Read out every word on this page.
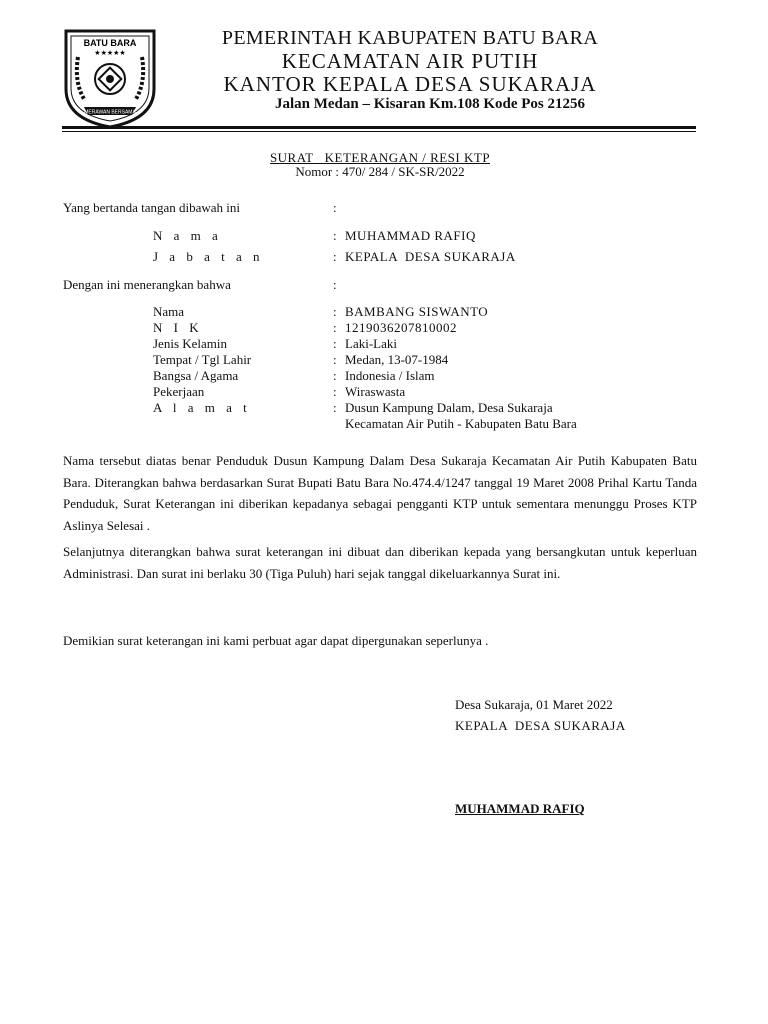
BATU BARA
★★★★★
MERAWAN BERSAMA
PEMERINTAH KABUPATEN BATU BARA
KECAMATAN AIR PUTIH
KANTOR KEPALA DESA SUKARAJA
Jalan Medan – Kisaran Km.108 Kode Pos 21256
SURAT   KETERANGAN / RESI KTP
Nomor : 470/ 284 / SK-SR/2022
Yang bertanda tangan dibawah ini	:
N a m a	: MUHAMMAD RAFIQ
J a b a t a n	: KEPALA  DESA SUKARAJA
Dengan ini menerangkan bahwa	:
Nama	: BAMBANG SISWANTO
N I K	: 1219036207810002
Jenis Kelamin	: Laki-Laki
Tempat / Tgl Lahir	: Medan, 13-07-1984
Bangsa / Agama	: Indonesia / Islam
Pekerjaan	: Wiraswasta
A l a m a t	: Dusun Kampung Dalam, Desa Sukaraja
Kecamatan Air Putih - Kabupaten Batu Bara
Nama tersebut diatas benar Penduduk Dusun Kampung Dalam Desa Sukaraja Kecamatan Air Putih Kabupaten Batu Bara. Diterangkan bahwa berdasarkan Surat Bupati Batu Bara No.474.4/1247 tanggal 19 Maret 2008 Prihal Kartu Tanda Penduduk, Surat Keterangan ini diberikan kepadanya sebagai pengganti KTP untuk sementara menunggu Proses KTP Aslinya Selesai .
Selanjutnya diterangkan bahwa surat keterangan ini dibuat dan diberikan kepada yang bersangkutan untuk keperluan Administrasi. Dan surat ini berlaku 30 (Tiga Puluh) hari sejak tanggal dikeluarkannya Surat ini.
Demikian surat keterangan ini kami perbuat agar dapat dipergunakan seperlunya .
Desa Sukaraja, 01 Maret 2022
KEPALA  DESA SUKARAJA
MUHAMMAD RAFIQ
